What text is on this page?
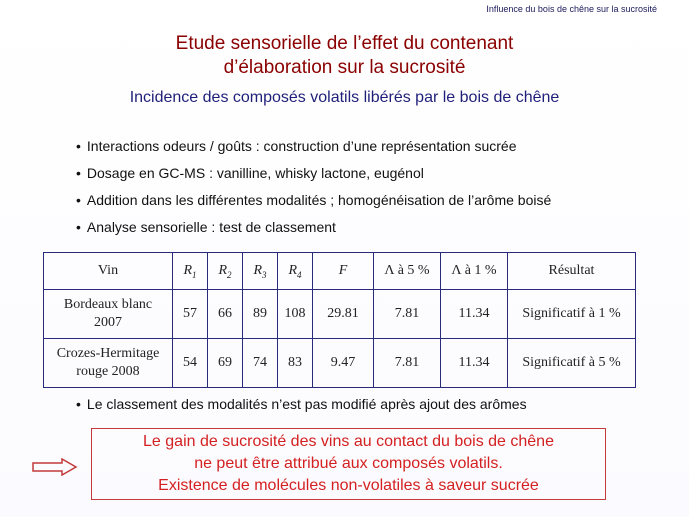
Influence du bois de chêne sur la sucrosité
Etude sensorielle de l’effet du contenant
d’élaboration sur la sucrosité
Incidence des composés volatils libérés par le bois de chêne
• Interactions odeurs / goûts : construction d’une représentation sucrée
• Dosage en GC-MS : vanilline, whisky lactone, eugénol
• Addition dans les différentes modalités ; homogénéisation de l’arôme boisé
• Analyse sensorielle : test de classement
Vin	$R_1$	$R_2$	$R_3$	$R_4$	F	Λ à 5 %	Λ à 1 %	Résultat

Bordeaux blanc
2007	57	66	89	108	29.81	7.81	11.34	Significatif à 1 %

Crozes-Hermitage
rouge 2008	54	69	74	83	9.47	7.81	11.34	Significatif à 5 %
• Le classement des modalités n’est pas modifié après ajout des arômes
Le gain de sucrosité des vins au contact du bois de chêne
ne peut être attribué aux composés volatils.
Existence de molécules non-volatiles à saveur sucrée
